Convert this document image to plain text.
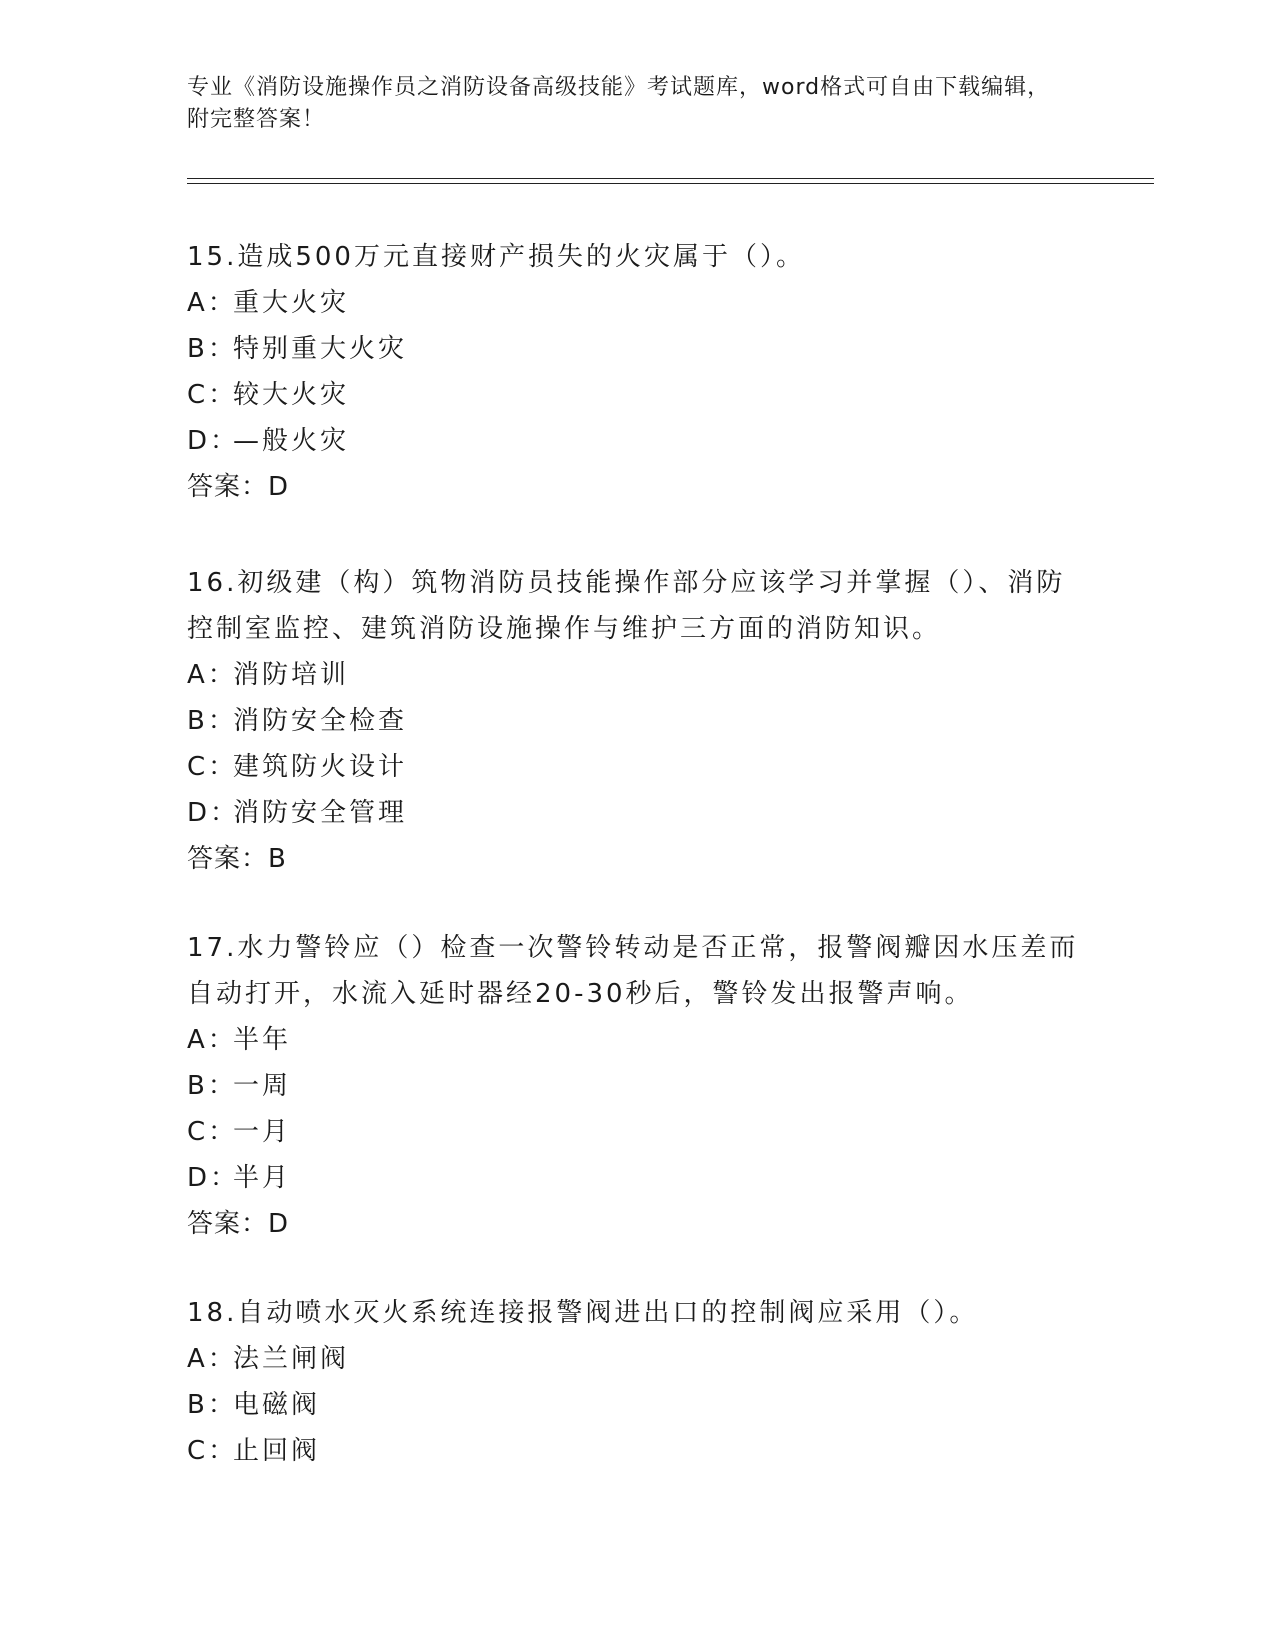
专业《消防设施操作员之消防设备高级技能》考试题库，word格式可自由下载编辑，附完整答案！
15.造成500万元直接财产损失的火灾属于（）。
A：
重大火灾
B：
特别重大火灾
C：
较大火灾
D：
—般火灾
答案：D
16.初级建（构）筑物消防员技能操作部分应该学习并掌握（）、消防控制室监控、建筑消防设施操作与维护三方面的消防知识。
A：
消防培训
B：
消防安全检查
C：
建筑防火设计
D：
消防安全管理
答案：B
17.水力警铃应（）检查一次警铃转动是否正常，报警阀瓣因水压差而自动打开，水流入延时器经20-30秒后，警铃发出报警声响。
A：
半年
B：
一周
C：
一月
D：
半月
答案：D
18.自动喷水灭火系统连接报警阀进出口的控制阀应采用（）。
A：
法兰闸阀
B：
电磁阀
C：
止回阀
